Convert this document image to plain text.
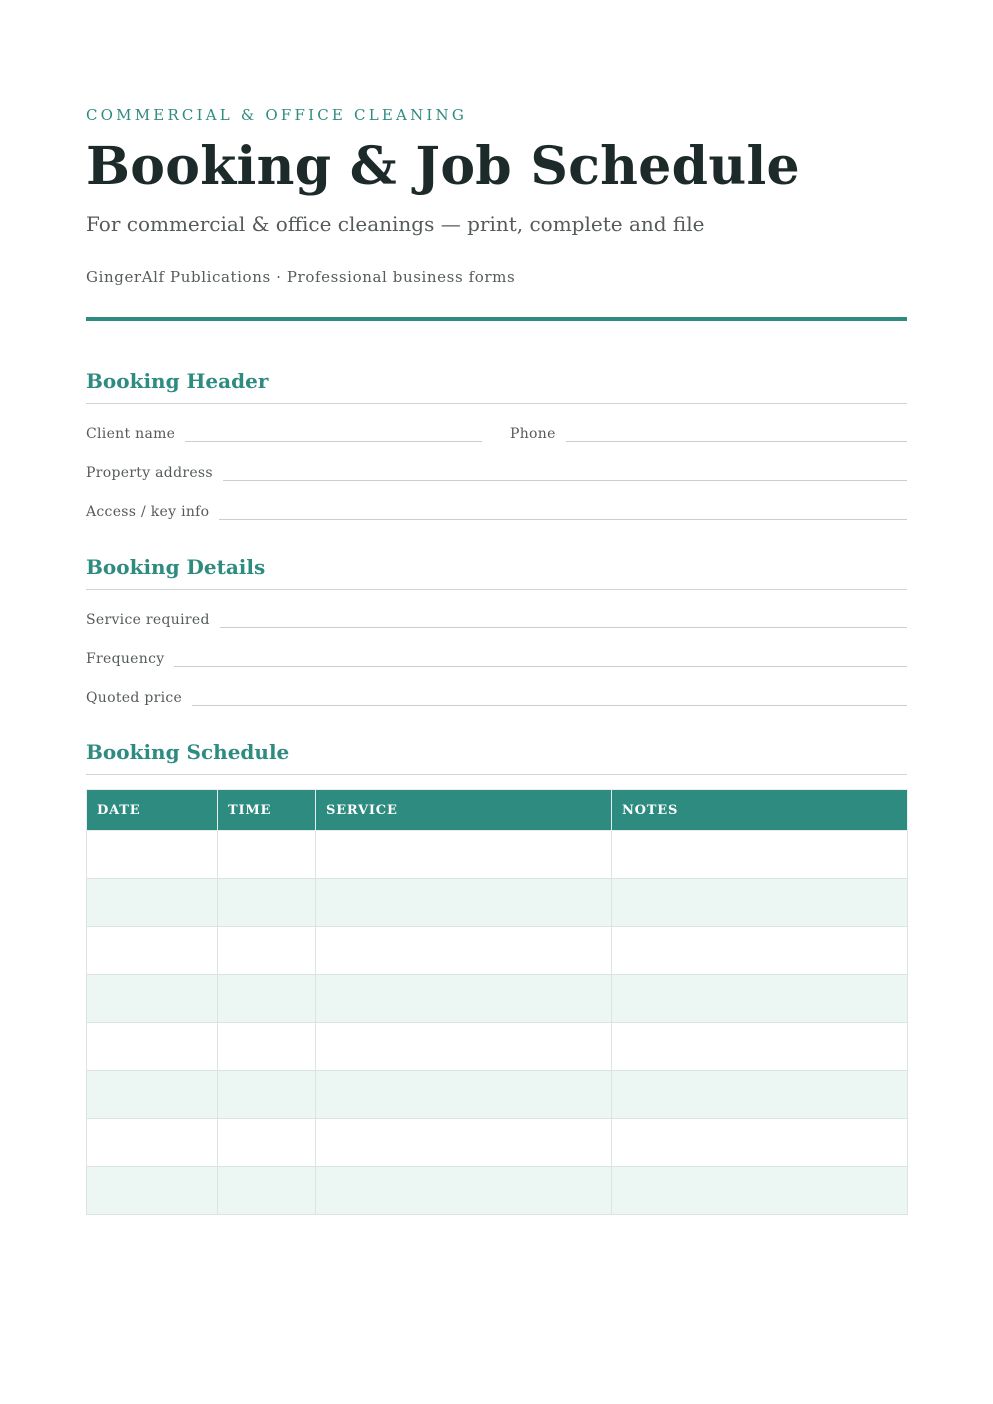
COMMERCIAL & OFFICE CLEANING
Booking & Job Schedule
For commercial & office cleanings — print, complete and file
GingerAlf Publications · Professional business forms
Booking Header
Client name	Phone
Property address
Access / key info
Booking Details
Service required
Frequency
Quoted price
Booking Schedule
DATE	TIME	SERVICE	NOTES
